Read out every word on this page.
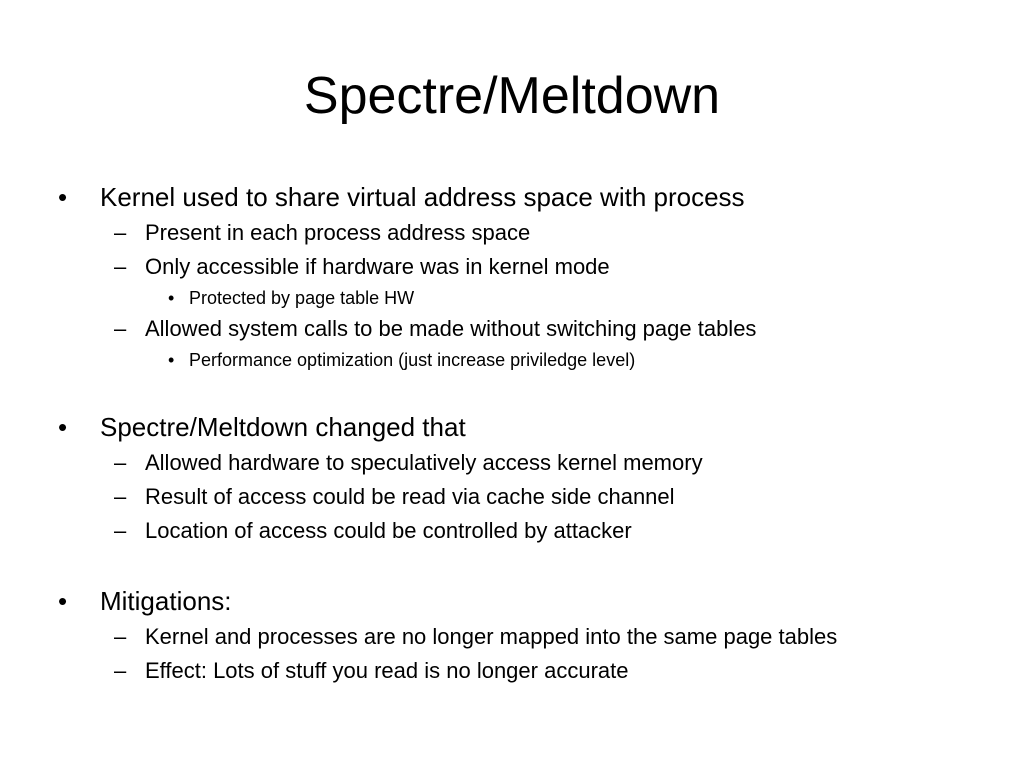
Spectre/Meltdown
• Kernel used to share virtual address space with process
– Present in each process address space
– Only accessible if hardware was in kernel mode
• Protected by page table HW
– Allowed system calls to be made without switching page tables
• Performance optimization (just increase priviledge level)
• Spectre/Meltdown changed that
– Allowed hardware to speculatively access kernel memory
– Result of access could be read via cache side channel
– Location of access could be controlled by attacker
• Mitigations:
– Kernel and processes are no longer mapped into the same page tables
– Effect: Lots of stuff you read is no longer accurate
